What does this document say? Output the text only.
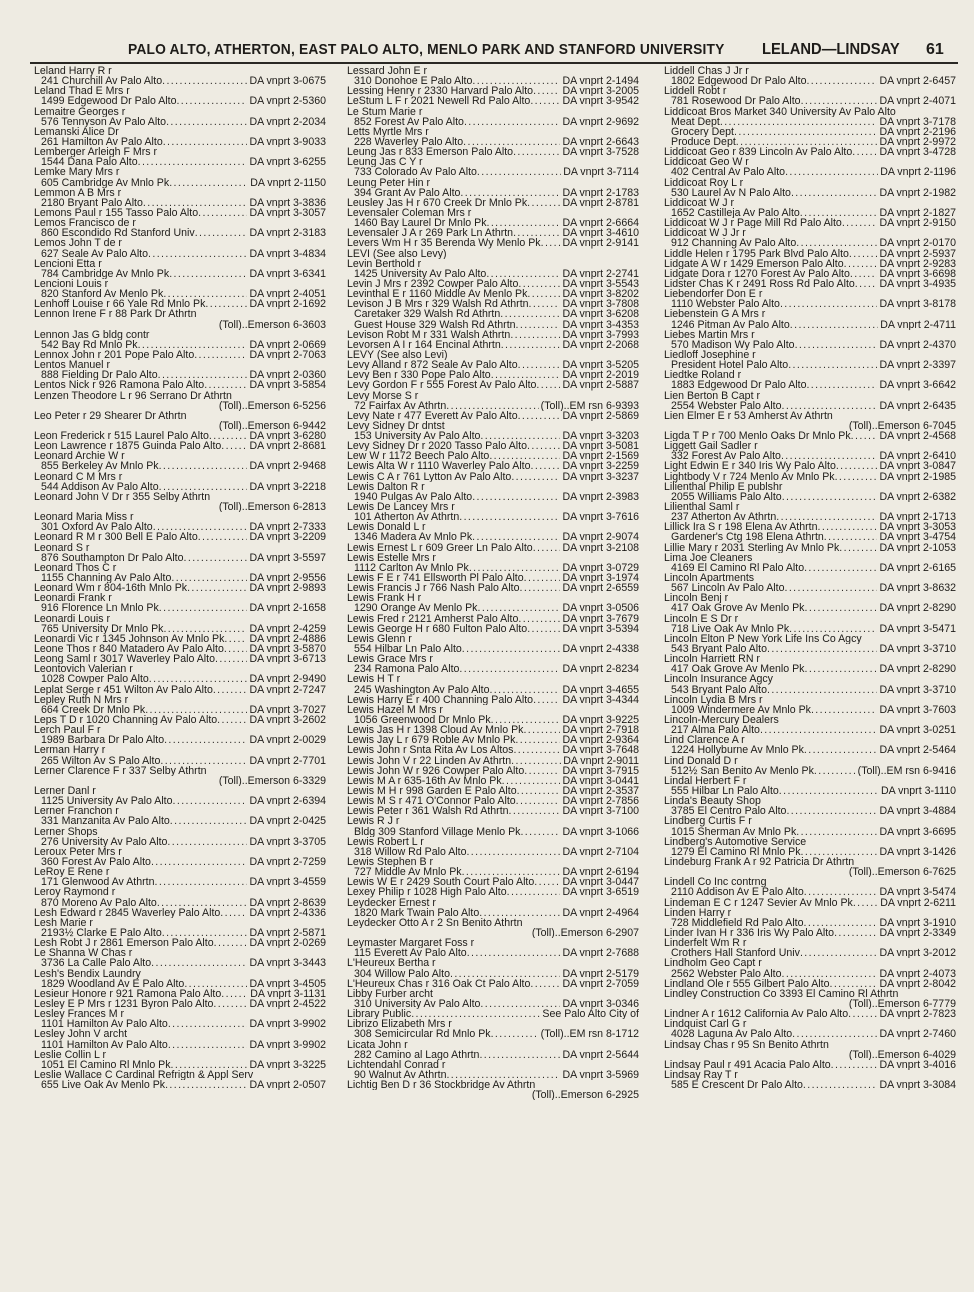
PALO ALTO, ATHERTON, EAST PALO ALTO, MENLO PARK AND STANFORD UNIVERSITY LELAND—LINDSAY 61
Leland Harry R r
241 Churchill Av Palo Alto .....	DA vnprt 3-0675
Leland Thad E Mrs r
1499 Edgewood Dr Palo Alto .....	DA vnprt 2-5360
Lemaitre Georges r
576 Tennyson Av Palo Alto .....	DA vnprt 2-2034
Lemanski Alice Dr
261 Hamilton Av Palo Alto .....	DA vnprt 3-9033
Lemberger Arleigh F Mrs r
1544 Dana Palo Alto .....	DA vnprt 3-6255
Lemke Mary Mrs r
605 Cambridge Av Mnlo Pk .....	DA vnprt 2-1150
Lemmon A B Mrs r
2180 Bryant Palo Alto .....	DA vnprt 3-3836
Lemons Paul r 155 Tasso Palo Alto .....	DA vnprt 3-3057
Lemos Francisco de r
860 Escondido Rd Stanford Univ .....	DA vnprt 2-3183
Lemos John T de r
627 Seale Av Palo Alto .....	DA vnprt 3-4834
Lencioni Etta r
784 Cambridge Av Mnlo Pk .....	DA vnprt 3-6341
Lencioni Louis r
820 Stanford Av Menlo Pk .....	DA vnprt 2-4051
Lenhoff Louise r 66 Yale Rd Mnlo Pk .....	DA vnprt 2-1692
Lennon Irene F r 88 Park Dr Athrtn
(Toll)..Emerson 6-3603
Lennon Jas G bldg contr
542 Bay Rd Mnlo Pk .....	DA vnprt 2-0669
Lennox John r 201 Pope Palo Alto .....	DA vnprt 2-7063
Lentos Manuel r
888 Fielding Dr Palo Alto .....	DA vnprt 2-0360
Lentos Nick r 926 Ramona Palo Alto .....	DA vnprt 3-5854
Lenzen Theodore L r 96 Serrano Dr Athrtn
(Toll)..Emerson 6-5256
Leo Peter r 29 Shearer Dr Athrtn
(Toll)..Emerson 6-9442
Leon Frederick r 515 Laurel Palo Alto .....	DA vnprt 3-6280
Leon Lawrence r 1875 Guinda Palo Alto .....	DA vnprt 2-8681
Leonard Archie W r
855 Berkeley Av Mnlo Pk .....	DA vnprt 2-9468
Leonard C M Mrs r
544 Addison Av Palo Alto .....	DA vnprt 3-2218
Leonard John V Dr r 355 Selby Athrtn
(Toll)..Emerson 6-2813
Leonard Maria Miss r
301 Oxford Av Palo Alto .....	DA vnprt 2-7333
Leonard R M r 300 Bell E Palo Alto .....	DA vnprt 3-2209
Leonard S r
876 Southampton Dr Palo Alto .....	DA vnprt 3-5597
Leonard Thos C r
1155 Channing Av Palo Alto .....	DA vnprt 2-9556
Leonard Wm r 804-16th Mnlo Pk .....	DA vnprt 2-9893
Leonardi Frank r
916 Florence Ln Mnlo Pk .....	DA vnprt 2-1658
Leonardi Louis r
765 University Dr Mnlo Pk .....	DA vnprt 2-4259
Leonardi Vic r 1345 Johnson Av Mnlo Pk ..... DA vnprt 2-4886
Leone Thos r 840 Matadero Av Palo Alto ..... DA vnprt 3-5870
Leong Saml r 3017 Waverley Palo Alto .....	DA vnprt 3-6713
Leontovich Valerian r
1028 Cowper Palo Alto .....	DA vnprt 2-9490
Leplat Serge r 451 Wilton Av Palo Alto .....	DA vnprt 2-7247
Lepley Ruth N Mrs r
664 Creek Dr Mnlo Pk .....	DA vnprt 3-7027
Leps T D r 1020 Channing Av Palo Alto .....	DA vnprt 3-2602
Lerch Paul F r
1989 Barbara Dr Palo Alto .....	DA vnprt 2-0029
Lerman Harry r
265 Wilton Av S Palo Alto .....	DA vnprt 2-7701
Lerner Clarence F r 337 Selby Athrtn
(Toll)..Emerson 6-3329
Lerner Danl r
1125 University Av Palo Alto .....	DA vnprt 2-6394
Lerner Franchon r
331 Manzanita Av Palo Alto .....	DA vnprt 2-0425
Lerner Shops
276 University Av Palo Alto .....	DA vnprt 3-3705
Leroux Peter Mrs r
360 Forest Av Palo Alto .....	DA vnprt 2-7259
LeRoy E Rene r
171 Glenwood Av Athrtn .....	DA vnprt 3-4559
Leroy Raymond r
870 Moreno Av Palo Alto .....	DA vnprt 2-8639
Lesh Edward r 2845 Waverley Palo Alto .....	DA vnprt 2-4336
Lesh Marie r
2193½ Clarke E Palo Alto .....	DA vnprt 2-5871
Lesh Robt J r 2861 Emerson Palo Alto .....	DA vnprt 2-0269
Le Shanna W Chas r
3736 La Calle Palo Alto .....	DA vnprt 3-3443
Lesh's Bendix Laundry
1829 Woodland Av E Palo Alto .....	DA vnprt 3-4505
Lesieur Honore r 921 Ramona Palo Alto .....	DA vnprt 3-1131
Lesley E P Mrs r 1231 Byron Palo Alto .....	DA vnprt 2-4522
Lesley Frances M r
1101 Hamilton Av Palo Alto .....	DA vnprt 3-9902
Lesley John V archt
1101 Hamilton Av Palo Alto .....	DA vnprt 3-9902
Leslie Collin L r
1051 El Camino Rl Mnlo Pk .....	DA vnprt 3-3225
Leslie Wallace C Cardinal Refrigtn & Appl Serv
655 Live Oak Av Menlo Pk .....	DA vnprt 2-0507
Lessard John E r
310 Donohoe E Palo Alto .....	DA vnprt 2-1494
Lessing Henry r 2330 Harvard Palo Alto .....	DA vnprt 3-2005
LeStum L F r 2021 Newell Rd Palo Alto .....	DA vnprt 3-9542
Le Stum Marie r
852 Forest Av Palo Alto .....	DA vnprt 2-9692
Letts Myrtle Mrs r
228 Waverley Palo Alto .....	DA vnprt 2-6643
Leung Jas r 833 Emerson Palo Alto .....	DA vnprt 3-7528
Leung Jas C Y r
733 Colorado Av Palo Alto .....	DA vnprt 3-7114
Leung Peter Hin r
394 Grant Av Palo Alto .....	DA vnprt 2-1783
Leusley Jas H r 670 Creek Dr Mnlo Pk .....	DA vnprt 2-8781
Levensaler Coleman Mrs r
1460 Bay Laurel Dr Mnlo Pk .....	DA vnprt 2-6664
Levensaler J A r 269 Park Ln Athrtn .....	DA vnprt 3-4610
Levers Wm H r 35 Berenda Wy Menlo Pk ..... DA vnprt 2-9141
LEVI (See also Levy)
Levin Berthold r
1425 University Av Palo Alto .....	DA vnprt 2-2741
Levin J Mrs r 2392 Cowper Palo Alto .....	DA vnprt 3-5543
Levinthal E r 1160 Middle Av Menlo Pk .....	DA vnprt 3-8202
Levison J B Mrs r 329 Walsh Rd Athrtn .....	DA vnprt 3-7808
Caretaker 329 Walsh Rd Athrtn .....	DA vnprt 3-6208
Guest House 329 Walsh Rd Athrtn .....	DA vnprt 3-4353
Levison Robt M r 331 Walsh Athrtn .....	DA vnprt 3-7993
Levorsen A I r 164 Encinal Athrtn .....	DA vnprt 2-2068
LEVY (See also Levi)
Levy Alland r 872 Seale Av Palo Alto .....	DA vnprt 3-5205
Levy Ben r 330 Pope Palo Alto .....	DA vnprt 2-2019
Levy Gordon F r 555 Forest Av Palo Alto ..... DA vnprt 2-5887
Levy Morse S r
72 Fairfax Av Athrtn .....	(Toll)..EM rsn 6-9393
Levy Nate r 477 Everett Av Palo Alto .....	DA vnprt 2-5869
Levy Sidney Dr dntst
153 University Av Palo Alto .....	DA vnprt 3-3203
Levy Sidney Dr r 2020 Tasso Palo Alto .....	DA vnprt 3-5081
Lew W r 1172 Beech Palo Alto .....	DA vnprt 2-1569
Lewis Alta W r 1110 Waverley Palo Alto .....	DA vnprt 3-2259
Lewis C A r 761 Lytton Av Palo Alto .....	DA vnprt 3-3237
Lewis Dalton R r
1940 Pulgas Av Palo Alto .....	DA vnprt 2-3983
Lewis De Lancey Mrs r
101 Atherton Av Athrtn .....	DA vnprt 3-7616
Lewis Donald L r
1346 Madera Av Mnlo Pk .....	DA vnprt 2-9074
Lewis Ernest L r 609 Greer Ln Palo Alto .....	DA vnprt 3-2108
Lewis Estelle Mrs r
1112 Carlton Av Mnlo Pk .....	DA vnprt 3-0729
Lewis F E r 741 Ellsworth Pl Palo Alto .....	DA vnprt 3-1974
Lewis Francis J r 766 Nash Palo Alto .....	DA vnprt 2-6559
Lewis Frank H r
1290 Orange Av Menlo Pk .....	DA vnprt 3-0506
Lewis Fred r 2121 Amherst Palo Alto .....	DA vnprt 3-7679
Lewis George H r 680 Fulton Palo Alto .....	DA vnprt 3-5394
Lewis Glenn r
554 Hilbar Ln Palo Alto .....	DA vnprt 2-4338
Lewis Grace Mrs r
234 Ramona Palo Alto .....	DA vnprt 2-8234
Lewis H T r
245 Washington Av Palo Alto .....	DA vnprt 3-4655
Lewis Harry E r 400 Channing Palo Alto .....	DA vnprt 3-4344
Lewis Hazel M Mrs r
1056 Greenwood Dr Mnlo Pk .....	DA vnprt 3-9225
Lewis Jas H r 1398 Cloud Av Mnlo Pk .....	DA vnprt 2-7918
Lewis Jay L r 679 Roble Av Mnlo Pk .....	DA vnprt 2-9364
Lewis John r Snta Rita Av Los Altos .....	DA vnprt 3-7648
Lewis John V r 22 Linden Av Athrtn .....	DA vnprt 2-9011
Lewis John W r 926 Cowper Palo Alto .....	DA vnprt 3-7915
Lewis M A r 635-16th Av Mnlo Pk .....	DA vnprt 3-0441
Lewis M H r 998 Garden E Palo Alto .....	DA vnprt 2-3537
Lewis M S r 471 O'Connor Palo Alto .....	DA vnprt 2-7856
Lewis Peter r 361 Walsh Rd Athrtn .....	DA vnprt 3-7100
Lewis R J r
Bldg 309 Stanford Village Menlo Pk .....	DA vnprt 3-1066
Lewis Robert L r
318 Willow Rd Palo Alto .....	DA vnprt 2-7104
Lewis Stephen B r
727 Middle Av Mnlo Pk .....	DA vnprt 2-6194
Lewis W E r 2429 South Court Palo Alto .....	DA vnprt 3-0447
Lexey Philip r 1028 High Palo Alto .....	DA vnprt 3-6519
Leydecker Ernest r
1820 Mark Twain Palo Alto .....	DA vnprt 2-4964
Leydecker Otto A r 2 Sn Benito Athrtn
(Toll)..Emerson 6-2907
Leymaster Margaret Foss r
115 Everett Av Palo Alto .....	DA vnprt 2-7688
L'Heureux Bertha r
304 Willow Palo Alto .....	DA vnprt 2-5179
L'Heureux Chas r 316 Oak Ct Palo Alto .....	DA vnprt 2-7059
Libby Furber archt
310 University Av Palo Alto .....	DA vnprt 3-0346
Library Public .....	See Palo Alto City of
Librizo Elizabeth Mrs r
308 Semicircular Rd Mnlo Pk .....	(Toll)..EM rsn 8-1712
Licata John r
282 Camino al Lago Athrtn .....	DA vnprt 2-5644
Lichtendahl Conrad r
90 Walnut Av Athrtn .....	DA vnprt 3-5969
Lichtig Ben D r 36 Stockbridge Av Athrtn
(Toll)..Emerson 6-2925
Liddell Chas J Jr r
1802 Edgewood Dr Palo Alto .....	DA vnprt 2-6457
Liddell Robt r
781 Rosewood Dr Palo Alto .....	DA vnprt 2-4071
Liddicoat Bros Market 340 University Av Palo Alto
Meat Dept .....	DA vnprt 3-7178
Grocery Dept .....	DA vnprt 2-2196
Produce Dept .....	DA vnprt 2-9972
Liddicoat Geo r 839 Lincoln Av Palo Alto .....	DA vnprt 3-4728
Liddicoat Geo W r
402 Central Av Palo Alto .....	DA vnprt 2-1196
Liddicoat Roy L r
530 Laurel Av N Palo Alto .....	DA vnprt 2-1982
Liddicoat W J r
1652 Castilleja Av Palo Alto .....	DA vnprt 2-1827
Liddicoat W J r Page Mill Rd Palo Alto .....	DA vnprt 2-9150
Liddicoat W J Jr r
912 Channing Av Palo Alto .....	DA vnprt 2-0170
Liddle Helen r 1795 Park Blvd Palo Alto .....	DA vnprt 2-5937
Lidgate A W r 1429 Emerson Palo Alto .....	DA vnprt 2-9283
Lidgate Dora r 1270 Forest Av Palo Alto .....	DA vnprt 3-6698
Lidster Chas K r 2491 Ross Rd Palo Alto ..... DA vnprt 3-4935
Liebendorfer Don E r
1110 Webster Palo Alto .....	DA vnprt 3-8178
Liebenstein G A Mrs r
1246 Pitman Av Palo Alto .....	DA vnprt 2-4711
Liebes Martin Mrs r
570 Madison Wy Palo Alto .....	DA vnprt 2-4370
Liedloff Josephine r
President Hotel Palo Alto .....	DA vnprt 2-3397
Liedtke Roland r
1883 Edgewood Dr Palo Alto .....	DA vnprt 3-6642
Lien Berton B Capt r
2554 Webster Palo Alto .....	DA vnprt 2-6435
Lien Elmer E r 53 Amherst Av Athrtn
(Toll)..Emerson 6-7045
Ligda T P r 700 Menlo Oaks Dr Mnlo Pk .....	DA vnprt 2-4568
Liggett Gail Sadler r
332 Forest Av Palo Alto .....	DA vnprt 2-6410
Light Edwin E r 340 Iris Wy Palo Alto .....	DA vnprt 3-0847
Lightbody V r 724 Menlo Av Mnlo Pk .....	DA vnprt 2-1985
Lilienthal Philip E publshr
2055 Williams Palo Alto .....	DA vnprt 2-6382
Lilienthal Saml r
237 Atherton Av Athrtn .....	DA vnprt 2-1713
Lillick Ira S r 198 Elena Av Athrtn .....	DA vnprt 3-3053
Gardener's Ctg 198 Elena Athrtn .....	DA vnprt 3-4754
Lillie Mary r 2031 Sterling Av Mnlo Pk .....	DA vnprt 2-1053
Lima Joe Cleaners
4169 El Camino Rl Palo Alto .....	DA vnprt 2-6165
Lincoln Apartments
567 Lincoln Av Palo Alto .....	DA vnprt 3-8632
Lincoln Benj r
417 Oak Grove Av Menlo Pk .....	DA vnprt 2-8290
Lincoln E S Dr r
718 Live Oak Av Mnlo Pk .....	DA vnprt 3-5471
Lincoln Elton P New York Life Ins Co Agcy
543 Bryant Palo Alto .....	DA vnprt 3-3710
Lincoln Harriett RN r
417 Oak Grove Av Menlo Pk .....	DA vnprt 2-8290
Lincoln Insurance Agcy
543 Bryant Palo Alto .....	DA vnprt 3-3710
Lincoln Lydia B Mrs r
1009 Windermere Av Mnlo Pk .....	DA vnprt 3-7603
Lincoln-Mercury Dealers
217 Alma Palo Alto .....	DA vnprt 3-0251
Lind Clarence A r
1224 Hollyburne Av Mnlo Pk .....	DA vnprt 2-5464
Lind Donald D r
512½ San Benito Av Menlo Pk .....	(Toll)..EM rsn 6-9416
Lindal Herbert F r
555 Hilbar Ln Palo Alto .....	DA vnprt 3-1110
Linda's Beauty Shop
3785 El Centro Palo Alto .....	DA vnprt 3-4884
Lindberg Curtis F r
1015 Sherman Av Mnlo Pk .....	DA vnprt 3-6695
Lindberg's Automotive Service
1279 El Camino Rl Mnlo Pk .....	DA vnprt 3-1426
Lindeburg Frank A r 92 Patricia Dr Athrtn
(Toll)..Emerson 6-7625
Lindell Co Inc contrng
2110 Addison Av E Palo Alto .....	DA vnprt 3-5474
Lindeman E C r 1247 Sevier Av Mnlo Pk .....	DA vnprt 2-6211
Linden Harry r
728 Middlefield Rd Palo Alto .....	DA vnprt 3-1910
Linder Ivan H r 336 Iris Wy Palo Alto .....	DA vnprt 2-3349
Linderfelt Wm R r
Crothers Hall Stanford Univ .....	DA vnprt 3-2012
Lindholm Geo Capt r
2562 Webster Palo Alto .....	DA vnprt 2-4073
Lindland Ole r 555 Gilbert Palo Alto .....	DA vnprt 2-8042
Lindley Construction Co 3393 El Camino Rl Athrtn
(Toll)..Emerson 6-7779
Lindner A r 1612 California Av Palo Alto .....	DA vnprt 2-7823
Lindquist Carl G r
4028 Laguna Av Palo Alto .....	DA vnprt 2-7460
Lindsay Chas r 95 Sn Benito Athrtn
(Toll)..Emerson 6-4029
Lindsay Paul r 491 Acacia Palo Alto .....	DA vnprt 3-4016
Lindsay Ray T r
585 E Crescent Dr Palo Alto .....	DA vnprt 3-3084
